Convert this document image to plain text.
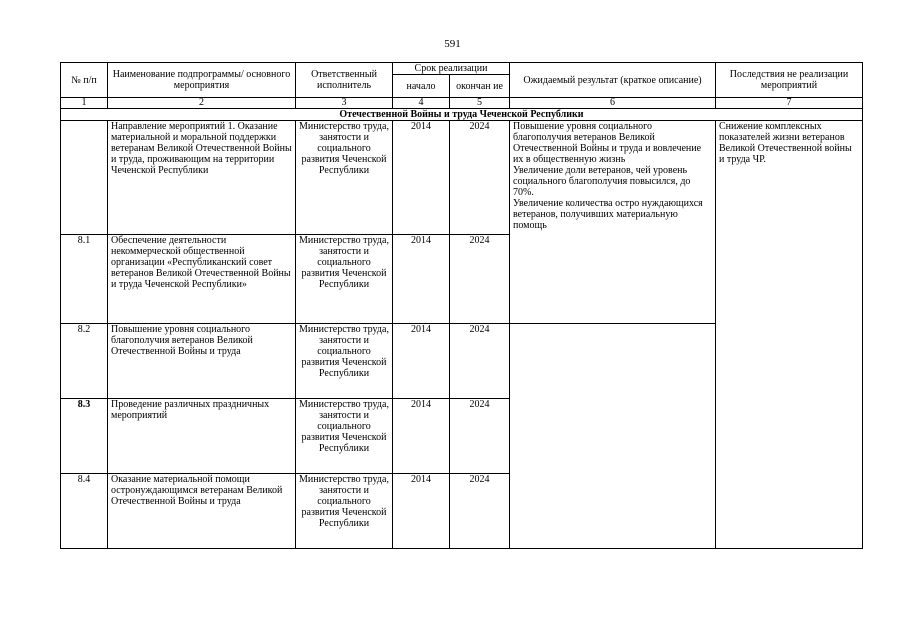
591
№ п/п	Наименование подпрограммы/ основного мероприятия	Ответственный исполнитель	Срок реализации		Ожидаемый результат (краткое описание)	Последствия не реализации мероприятий
			начало	окончан ие		
1	2	3	4	5	6	7
Отечественной Войны и труда Чеченской Республики						
	Направление мероприятий 1. Оказание материальной и моральной поддержки ветеранам Великой Отечественной Войны и труда, проживающим на территории Чеченской Республики	Министерство труда, занятости и социального развития Чеченской Республики	2014	2024	Повышение уровня социального благополучия ветеранов Великой Отечественной Войны и труда и вовлечение их в общественную жизнь
Увеличение доли ветеранов, чей уровень социального благополучия повысился, до 70%.
Увеличение количества остро нуждающихся ветеранов, получивших материальную помощь	Снижение комплексных показателей жизни ветеранов Великой Отечественной войны и труда ЧР.
8.1	Обеспечение деятельности некоммерческой общественной организации «Республиканский совет ветеранов Великой Отечественной Войны и труда Чеченской Республики»	Министерство труда, занятости и социального развития Чеченской Республики	2014	2024		
8.2	Повышение уровня социального благополучия ветеранов Великой Отечественной Войны и труда	Министерство труда, занятости и социального развития Чеченской Республики	2014	2024		
8.3	Проведение различных праздничных мероприятий	Министерство труда, занятости и социального развития Чеченской Республики	2014	2024		
8.4	Оказание материальной помощи остронуждающимся ветеранам Великой Отечественной Войны и труда	Министерство труда, занятости и социального развития Чеченской Республики	2014	2024		
